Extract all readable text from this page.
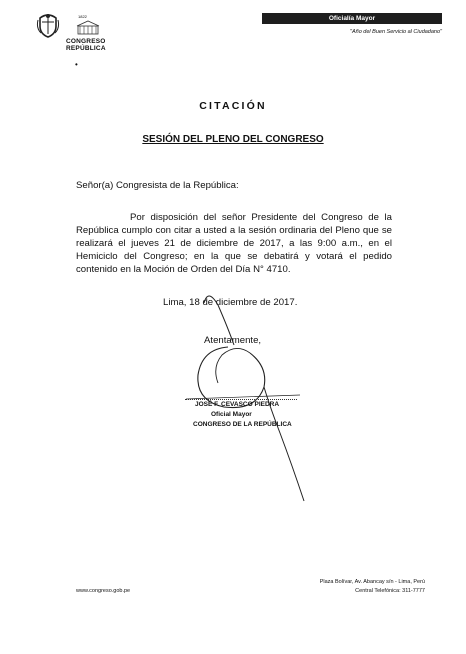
1822
CONGRESO
REPÚBLICA
Oficialía Mayor
"Año del Buen Servicio al Ciudadano"
•
CITACIÓN
SESIÓN DEL PLENO DEL CONGRESO
Señor(a) Congresista de la República:
Por disposición del señor Presidente del Congreso de la República cumplo con citar a usted a la sesión ordinaria del Pleno que se realizará el jueves 21 de diciembre de 2017, a las 9:00 a.m., en el Hemiciclo del Congreso; en la que se debatirá y votará el pedido contenido en la Moción de Orden del Día N° 4710.
Lima, 18 de diciembre de 2017.
Atentamente,
JOSÉ F. CEVASCO PIEDRA
Oficial Mayor
CONGRESO DE LA REPÚBLICA
www.congreso.gob.pe
Plaza Bolívar, Av. Abancay s/n - Lima, Perú
Central Telefónica: 311-7777
